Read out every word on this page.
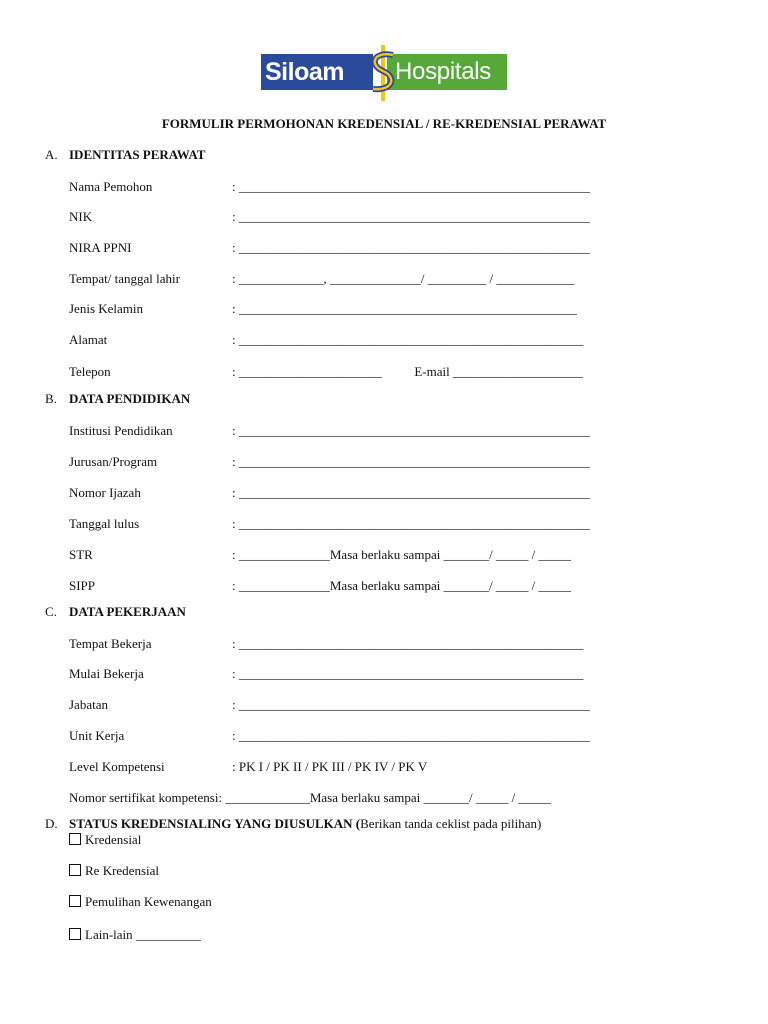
Siloam Hospitals
FORMULIR PERMOHONAN KREDENSIAL / RE-KREDENSIAL PERAWAT
A. IDENTITAS PERAWAT
Nama Pemohon	: ______________________________________________________
NIK	: ______________________________________________________
NIRA PPNI	: ______________________________________________________
Tempat/ tanggal lahir	: _____________, ______________/ _________ / ____________
Jenis Kelamin	: ____________________________________________________
Alamat	: _____________________________________________________
Telepon	: ______________________          E-mail ____________________
B. DATA PENDIDIKAN
Institusi Pendidikan	: ______________________________________________________
Jurusan/Program	: ______________________________________________________
Nomor Ijazah	: ______________________________________________________
Tanggal lulus	: ______________________________________________________
STR	: ______________Masa berlaku sampai _______/ _____ / _____
SIPP	: ______________Masa berlaku sampai _______/ _____ / _____
C. DATA PEKERJAAN
Tempat Bekerja	: _____________________________________________________
Mulai Bekerja	: _____________________________________________________
Jabatan	: ______________________________________________________
Unit Kerja	: ______________________________________________________
Level Kompetensi	: PK I / PK II / PK III / PK IV / PK V
Nomor sertifikat kompetensi: _____________Masa berlaku sampai _______/ _____ / _____
D. STATUS KREDENSIALING YANG DIUSULKAN (Berikan tanda ceklist pada pilihan)
Kredensial
Re Kredensial
Pemulihan Kewenangan
Lain-lain __________
